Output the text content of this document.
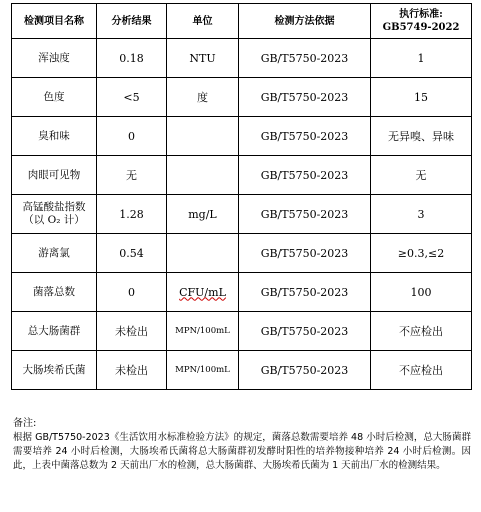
检测项目名称	分析结果	单位	检测方法依据	执行标准:
GB5749-2022

浑浊度	0.18	NTU	GB/T5750-2023	1
色度	<5	度	GB/T5750-2023	15
臭和味	0		GB/T5750-2023	无异嗅、异味
肉眼可见物	无		GB/T5750-2023	无

高锰酸盐指数
（以 O₂ 计）	1.28	mg/L	GB/T5750-2023	3
游离氯	0.54		GB/T5750-2023	≥0.3,≤2
菌落总数	0	CFU/mL	GB/T5750-2023	100
总大肠菌群	未检出	MPN/100mL	GB/T5750-2023	不应检出
大肠埃希氏菌	未检出	MPN/100mL	GB/T5750-2023	不应检出
备注:
根据 GB/T5750-2023《生活饮用水标准检验方法》的规定，菌落总数需要培养 48 小时后检测，总大肠菌群需要培养 24 小时后检测，大肠埃希氏菌将总大肠菌群初发酵时阳性的培养物接种培养 24 小时后检测。因此，上表中菌落总数为 2 天前出厂水的检测，总大肠菌群、大肠埃希氏菌为 1 天前出厂水的检测结果。
